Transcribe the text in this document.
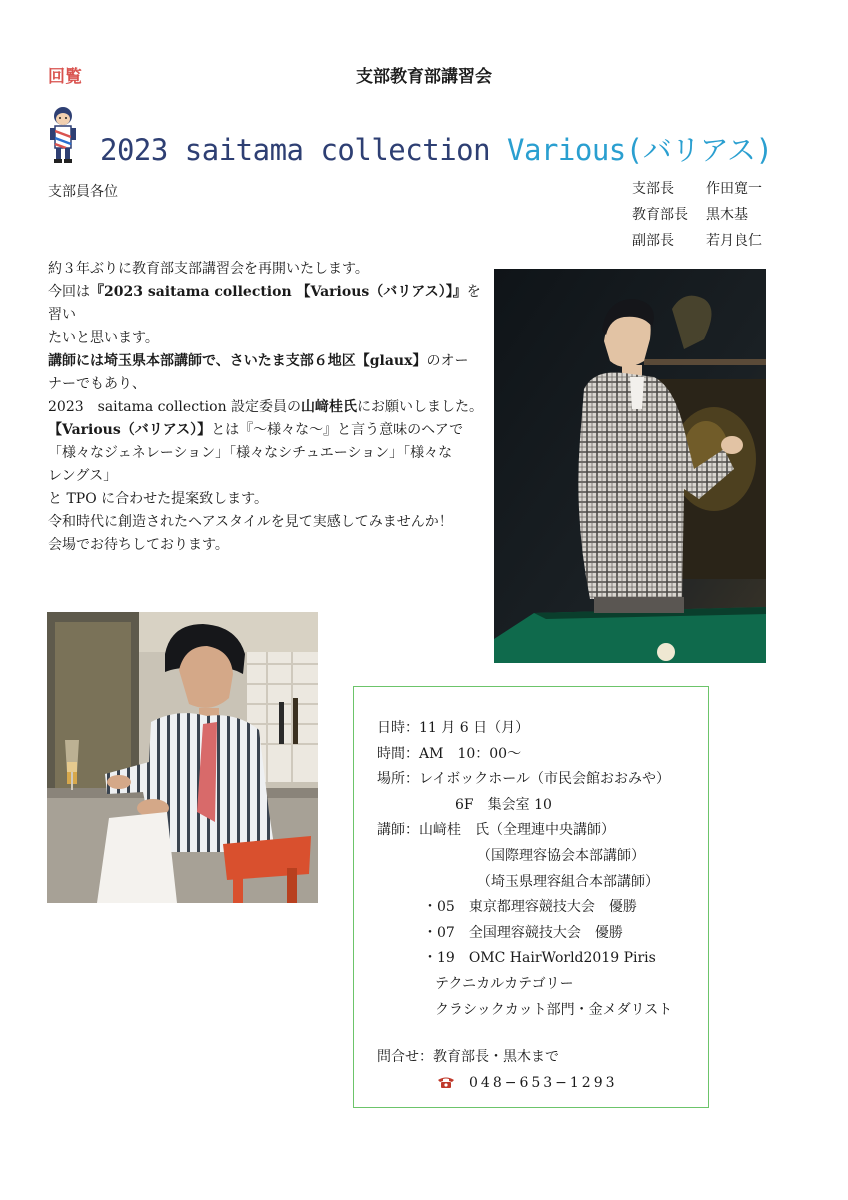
回覧	支部教育部講習会
2023 saitama collection Various(バリアス)
支部員各位	支部長 作田寛一
教育部長 黒木基
副部長 若月良仁

約３年ぶりに教育部支部講習会を再開いたします。

今回は『2023 saitama collection 【Various（バリアス）】』を習い

たいと思います。

講師には埼玉県本部講師で、さいたま支部６地区【glaux】のオー

ナーでもあり、

2023　saitama collection 設定委員の山﨑桂氏にお願いしました。

【Various（バリアス）】とは『〜様々な〜』と言う意味のヘアで

「様々なジェネレーション」「様々なシチュエーション」「様々な

レングス」

と TPO に合わせた提案致します。

令和時代に創造されたヘアスタイルを見て実感してみませんか！

会場でお待ちしております。

日時：11 月 6 日（月）
時間：AM　10：00〜
場所：レイボックホール（市民会館おおみや）
6F　集会室 10
講師：山﨑桂　氏（全理連中央講師）
（国際理容協会本部講師）
（埼玉県理容組合本部講師）
・05　東京都理容競技大会　優勝
・07　全国理容競技大会　優勝
・19　OMC HairWorld2019 Piris
テクニカルカテゴリー
クラシックカット部門・金メダリスト
問合せ：教育部長・黒木まで
048−653−1293
